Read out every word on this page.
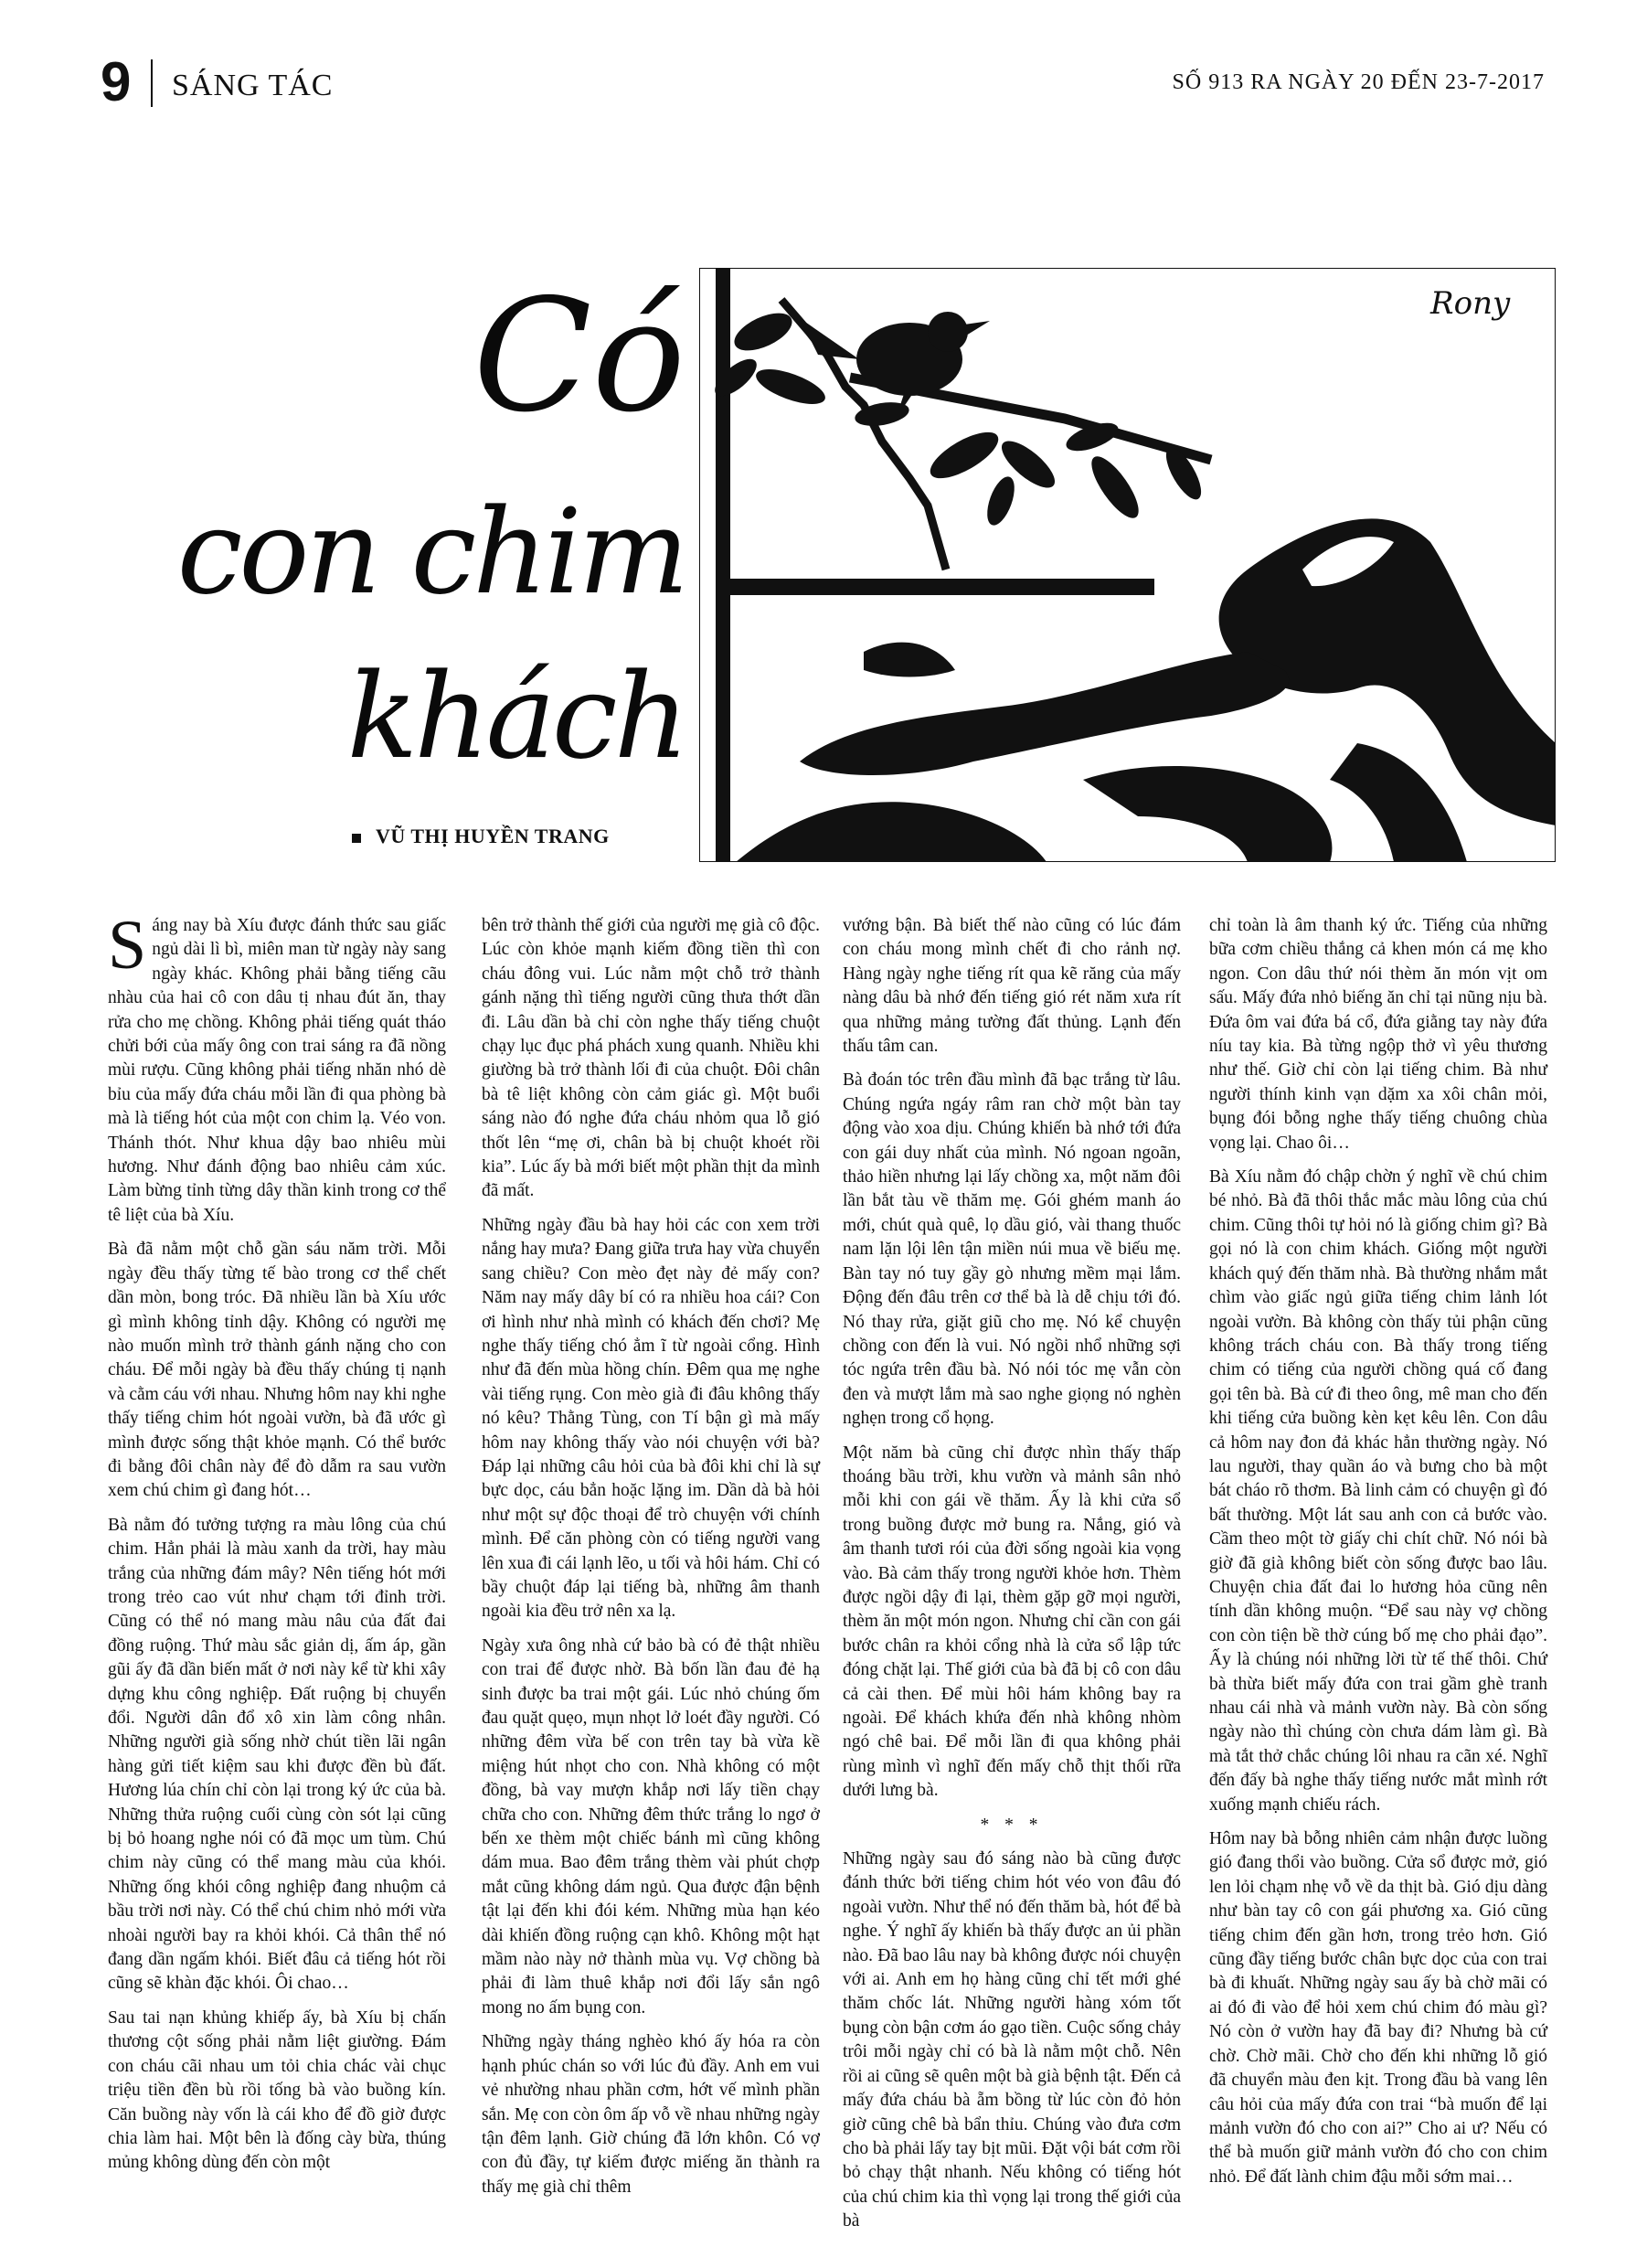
9 SÁNG TÁC	SỐ 913 RA NGÀY 20 ĐẾN 23-7-2017
Có
con chim
khách
VŨ THỊ HUYỀN TRANG
Rony

Sáng nay bà Xíu được đánh thức sau giấc ngủ dài lì bì, miên man từ ngày này sang ngày khác. Không phải bằng tiếng cãu nhàu của hai cô con dâu tị nhau đút ăn, thay rửa cho mẹ chồng. Không phải tiếng quát tháo chửi bới của mấy ông con trai sáng ra đã nồng mùi rượu. Cũng không phải tiếng nhăn nhó dè bỉu của mấy đứa cháu mỗi lần đi qua phòng bà mà là tiếng hót của một con chim lạ. Véo von. Thánh thót. Như khua dậy bao nhiêu mùi hương. Như đánh động bao nhiêu cảm xúc. Làm bừng tỉnh từng dây thần kinh trong cơ thể tê liệt của bà Xíu.

Bà đã nằm một chỗ gần sáu năm trời. Mỗi ngày đều thấy từng tế bào trong cơ thể chết dần mòn, bong tróc. Đã nhiều lần bà Xíu ước gì mình không tỉnh dậy. Không có người mẹ nào muốn mình trở thành gánh nặng cho con cháu. Để mỗi ngày bà đều thấy chúng tị nạnh và cằm cáu với nhau. Nhưng hôm nay khi nghe thấy tiếng chim hót ngoài vườn, bà đã ước gì mình được sống thật khỏe mạnh. Có thể bước đi bằng đôi chân này để đò dẫm ra sau vườn xem chú chim gì đang hót…

Bà nằm đó tưởng tượng ra màu lông của chú chim. Hẳn phải là màu xanh da trời, hay màu trắng của những đám mây? Nên tiếng hót mới trong trẻo cao vút như chạm tới đỉnh trời. Cũng có thể nó mang màu nâu của đất đai đồng ruộng. Thứ màu sắc giản dị, ấm áp, gần gũi ấy đã dần biến mất ở nơi này kể từ khi xây dựng khu công nghiệp. Đất ruộng bị chuyển đổi. Người dân đổ xô xin làm công nhân. Những người già sống nhờ chút tiền lãi ngân hàng gửi tiết kiệm sau khi được đền bù đất. Hương lúa chín chỉ còn lại trong ký ức của bà. Những thửa ruộng cuối cùng còn sót lại cũng bị bỏ hoang nghe nói có đã mọc um tùm. Chú chim này cũng có thể mang màu của khói. Những ống khói công nghiệp đang nhuộm cả bầu trời nơi này. Có thể chú chim nhỏ mới vừa nhoài người bay ra khỏi khói. Cả thân thể nó đang dần ngấm khói. Biết đâu cả tiếng hót rồi cũng sẽ khàn đặc khói. Ôi chao…

Sau tai nạn khủng khiếp ấy, bà Xíu bị chấn thương cột sống phải nằm liệt giường. Đám con cháu cãi nhau um tỏi chia chác vài chục triệu tiền đền bù rồi tống bà vào buồng kín. Căn buồng này vốn là cái kho để đồ giờ được chia làm hai. Một bên là đống cày bừa, thúng mủng không dùng đến còn một

bên trở thành thế giới của người mẹ già cô độc. Lúc còn khỏe mạnh kiếm đồng tiền thì con cháu đông vui. Lúc nằm một chỗ trở thành gánh nặng thì tiếng người cũng thưa thớt dần đi. Lâu dần bà chỉ còn nghe thấy tiếng chuột chạy lục đục phá phách xung quanh. Nhiều khi giường bà trở thành lối đi của chuột. Đôi chân bà tê liệt không còn cảm giác gì. Một buổi sáng nào đó nghe đứa cháu nhỏm qua lỗ gió thốt lên “mẹ ơi, chân bà bị chuột khoét rồi kia”. Lúc ấy bà mới biết một phần thịt da mình đã mất.

Những ngày đầu bà hay hỏi các con xem trời nắng hay mưa? Đang giữa trưa hay vừa chuyển sang chiều? Con mèo đẹt này đẻ mấy con? Năm nay mấy dây bí có ra nhiều hoa cái? Con ơi hình như nhà mình có khách đến chơi? Mẹ nghe thấy tiếng chó ẳm ĩ từ ngoài cổng. Hình như đã đến mùa hồng chín. Đêm qua mẹ nghe vài tiếng rụng. Con mèo già đi đâu không thấy nó kêu? Thằng Tùng, con Tí bận gì mà mấy hôm nay không thấy vào nói chuyện với bà? Đáp lại những câu hỏi của bà đôi khi chỉ là sự bực dọc, cáu bẳn hoặc lặng im. Dần dà bà hỏi như một sự độc thoại để trò chuyện với chính mình. Để căn phòng còn có tiếng người vang lên xua đi cái lạnh lẽo, u tối và hôi hám. Chỉ có bầy chuột đáp lại tiếng bà, những âm thanh ngoài kia đều trở nên xa lạ.

Ngày xưa ông nhà cứ bảo bà có đẻ thật nhiều con trai để được nhờ. Bà bốn lần đau đẻ hạ sinh được ba trai một gái. Lúc nhỏ chúng ốm đau quặt quẹo, mụn nhọt lở loét đầy người. Có những đêm vừa bế con trên tay bà vừa kề miệng hút nhọt cho con. Nhà không có một đồng, bà vay mượn khắp nơi lấy tiền chạy chữa cho con. Những đêm thức trắng lo ngơ ở bến xe thèm một chiếc bánh mì cũng không dám mua. Bao đêm trắng thèm vài phút chợp mắt cũng không dám ngủ. Qua được đận bệnh tật lại đến khi đói kém. Những mùa hạn kéo dài khiến đồng ruộng cạn khô. Không một hạt mầm nào này nở thành mùa vụ. Vợ chồng bà phải đi làm thuê khắp nơi đổi lấy sắn ngô mong no ấm bụng con.

Những ngày tháng nghèo khó ấy hóa ra còn hạnh phúc chán so với lúc đủ đầy. Anh em vui vẻ nhường nhau phần cơm, hớt vế mình phần sắn. Mẹ con còn ôm ấp vỗ về nhau những ngày tận đêm lạnh. Giờ chúng đã lớn khôn. Có vợ con đủ đầy, tự kiếm được miếng ăn thành ra thấy mẹ già chỉ thêm

vướng bận. Bà biết thế nào cũng có lúc đám con cháu mong mình chết đi cho rảnh nợ. Hàng ngày nghe tiếng rít qua kẽ răng của mấy nàng dâu bà nhớ đến tiếng gió rét năm xưa rít qua những mảng tường đất thủng. Lạnh đến thấu tâm can.

Bà đoán tóc trên đầu mình đã bạc trắng từ lâu. Chúng ngứa ngáy râm ran chờ một bàn tay động vào xoa dịu. Chúng khiến bà nhớ tới đứa con gái duy nhất của mình. Nó ngoan ngoãn, thảo hiền nhưng lại lấy chồng xa, một năm đôi lần bắt tàu về thăm mẹ. Gói ghém manh áo mới, chút quà quê, lọ dầu gió, vài thang thuốc nam lặn lội lên tận miền núi mua về biếu mẹ. Bàn tay nó tuy gầy gò nhưng mềm mại lắm. Động đến đâu trên cơ thể bà là dễ chịu tới đó. Nó thay rửa, giặt giũ cho mẹ. Nó kể chuyện chồng con đến là vui. Nó ngồi nhổ những sợi tóc ngứa trên đầu bà. Nó nói tóc mẹ vẫn còn đen và mượt lắm mà sao nghe giọng nó nghèn nghẹn trong cổ họng.

Một năm bà cũng chỉ được nhìn thấy thấp thoáng bầu trời, khu vườn và mảnh sân nhỏ mỗi khi con gái về thăm. Ấy là khi cửa sổ trong buồng được mở bung ra. Nắng, gió và âm thanh tươi rói của đời sống ngoài kia vọng vào. Bà cảm thấy trong người khỏe hơn. Thèm được ngồi dậy đi lại, thèm gặp gỡ mọi người, thèm ăn một món ngon. Nhưng chỉ cần con gái bước chân ra khỏi cổng nhà là cửa sổ lập tức đóng chặt lại. Thế giới của bà đã bị cô con dâu cả cài then. Để mùi hôi hám không bay ra ngoài. Để khách khứa đến nhà không nhòm ngó chê bai. Để mỗi lần đi qua không phải rùng mình vì nghĩ đến mấy chỗ thịt thối rữa dưới lưng bà.

* * *

Những ngày sau đó sáng nào bà cũng được đánh thức bởi tiếng chim hót véo von đâu đó ngoài vườn. Như thể nó đến thăm bà, hót để bà nghe. Ý nghĩ ấy khiến bà thấy được an ủi phần nào. Đã bao lâu nay bà không được nói chuyện với ai. Anh em họ hàng cũng chỉ tết mới ghé thăm chốc lát. Những người hàng xóm tốt bụng còn bận cơm áo gạo tiền. Cuộc sống chảy trôi mỗi ngày chỉ có bà là nằm một chỗ. Nên rồi ai cũng sẽ quên một bà già bệnh tật. Đến cả mấy đứa cháu bà ẵm bồng từ lúc còn đỏ hỏn giờ cũng chê bà bẩn thỉu. Chúng vào đưa cơm cho bà phải lấy tay bịt mũi. Đặt vội bát cơm rồi bỏ chạy thật nhanh. Nếu không có tiếng hót của chú chim kia thì vọng lại trong thế giới của bà

chỉ toàn là âm thanh ký ức. Tiếng của những bữa cơm chiều thắng cả khen món cá mẹ kho ngon. Con dâu thứ nói thèm ăn món vịt om sấu. Mấy đứa nhỏ biếng ăn chỉ tại nũng nịu bà. Đứa ôm vai đứa bá cổ, đứa giằng tay này đứa níu tay kia. Bà từng ngộp thở vì yêu thương như thế. Giờ chỉ còn lại tiếng chim. Bà như người thính kinh vạn dặm xa xôi chân mỏi, bụng đói bỗng nghe thấy tiếng chuông chùa vọng lại. Chao ôi…

Bà Xíu nằm đó chập chờn ý nghĩ về chú chim bé nhỏ. Bà đã thôi thắc mắc màu lông của chú chim. Cũng thôi tự hỏi nó là giống chim gì? Bà gọi nó là con chim khách. Giống một người khách quý đến thăm nhà. Bà thường nhắm mắt chìm vào giấc ngủ giữa tiếng chim lảnh lót ngoài vườn. Bà không còn thấy tủi phận cũng không trách cháu con. Bà thấy trong tiếng chim có tiếng của người chồng quá cố đang gọi tên bà. Bà cứ đi theo ông, mê man cho đến khi tiếng cửa buồng kèn kẹt kêu lên. Con dâu cả hôm nay đon đả khác hẳn thường ngày. Nó lau người, thay quần áo và bưng cho bà một bát cháo rõ thơm. Bà linh cảm có chuyện gì đó bất thường. Một lát sau anh con cả bước vào. Cầm theo một tờ giấy chi chít chữ. Nó nói bà giờ đã già không biết còn sống được bao lâu. Chuyện chia đất đai lo hương hỏa cũng nên tính dần không muộn. “Để sau này vợ chồng con còn tiện bề thờ cúng bố mẹ cho phải đạo”. Ấy là chúng nói những lời từ tế thế thôi. Chứ bà thừa biết mấy đứa con trai gầm ghè tranh nhau cái nhà và mảnh vườn này. Bà còn sống ngày nào thì chúng còn chưa dám làm gì. Bà mà tắt thở chắc chúng lôi nhau ra cãn xé. Nghĩ đến đấy bà nghe thấy tiếng nước mắt mình rớt xuống mạnh chiếu rách.

Hôm nay bà bỗng nhiên cảm nhận được luồng gió đang thổi vào buồng. Cửa sổ được mở, gió len lỏi chạm nhẹ vỗ về da thịt bà. Gió dịu dàng như bàn tay cô con gái phương xa. Gió cũng tiếng chim đến gần hơn, trong trẻo hơn. Gió cũng đầy tiếng bước chân bực dọc của con trai bà đi khuất. Những ngày sau ấy bà chờ mãi có ai đó đi vào để hỏi xem chú chim đó màu gì? Nó còn ở vườn hay đã bay đi? Nhưng bà cứ chờ. Chờ mãi. Chờ cho đến khi những lỗ gió đã chuyển màu đen kịt. Trong đầu bà vang lên câu hỏi của mấy đứa con trai “bà muốn để lại mảnh vườn đó cho con ai?” Cho ai ư? Nếu có thể bà muốn giữ mảnh vườn đó cho con chim nhỏ. Để đất lành chim đậu mỗi sớm mai…
